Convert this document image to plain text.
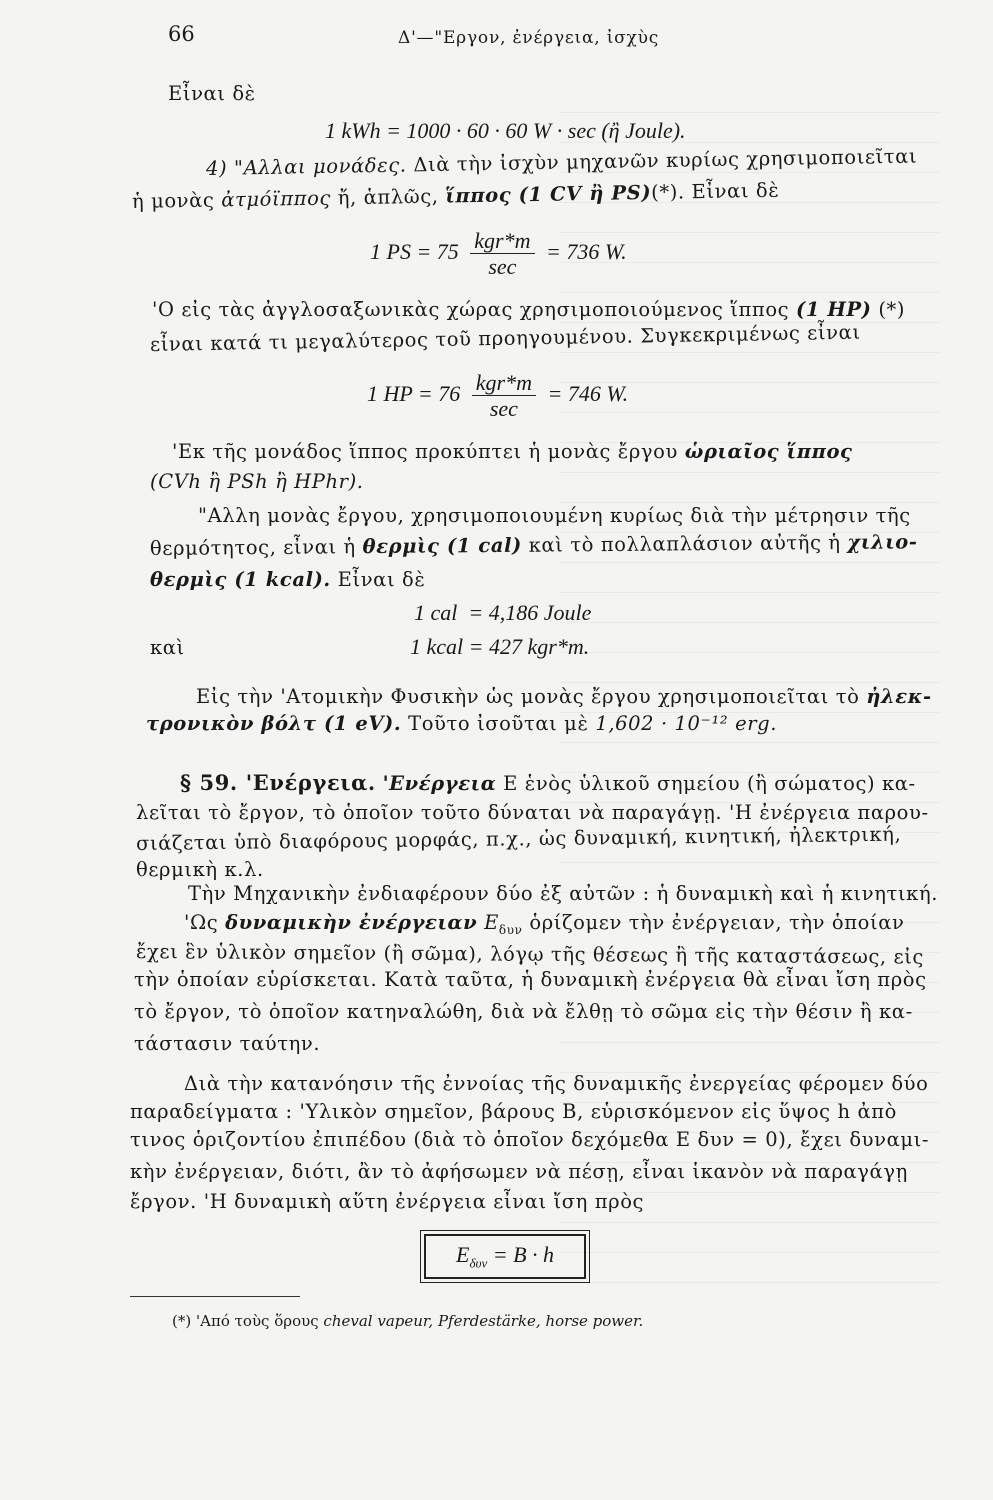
66	Δ'—"Εργον, ἐνέργεια, ἰσχὺς
Εἶναι δὲ
1 kWh = 1000 · 60 · 60 W · sec (ἢ Joule).
4) "Αλλαι μονάδες. Διὰ τὴν ἰσχὺν μηχανῶν κυρίως χρησιμοποιεῖται
ἡ μονὰς ἀτμόϊππος ἤ, ἁπλῶς, ἵππος (1 CV ἢ PS)(*). Εἶναι δὲ
1 PS = $75 \frac{\text{kgr*m}}{\sec} = 736$ W.
'Ο εἰς τὰς ἀγγλοσαξωνικὰς χώρας χρησιμοποιούμενος ἵππος (1 HP) (*)
εἶναι κατά τι μεγαλύτερος τοῦ προηγουμένου. Συγκεκριμένως εἶναι
1 HP = $76 \frac{\text{kgr*m}}{\sec} = 746$ W.
'Εκ τῆς μονάδος ἵππος προκύπτει ἡ μονὰς ἔργου ὡριαῖος ἵππος
(CVh ἢ PSh ἢ HPhr).
"Αλλη μονὰς ἔργου, χρησιμοποιουμένη κυρίως διὰ τὴν μέτρησιν τῆς
θερμότητος, εἶναι ἡ θερμὶς (1 cal) καὶ τὸ πολλαπλάσιον αὐτῆς ἡ χιλιο-
θερμὶς (1 kcal). Εἶναι δὲ
1 cal  = 4,186 Joule
καὶ	1 kcal = 427 kgr*m.
Εἰς τὴν 'Ατομικὴν Φυσικὴν ὡς μονὰς ἔργου χρησιμοποιεῖται τὸ ἠλεκ-
τρονικὸν βόλτ (1 eV). Τοῦτο ἰσοῦται μὲ 1,602 · 10⁻¹² erg.
§ 59. 'Ενέργεια. 'Ενέργεια E ἑνὸς ὑλικοῦ σημείου (ἢ σώματος) κα-
λεῖται τὸ ἔργον, τὸ ὁποῖον τοῦτο δύναται νὰ παραγάγῃ. 'Η ἐνέργεια παρου-
σιάζεται ὑπὸ διαφόρους μορφάς, π.χ., ὡς δυναμική, κινητική, ἠλεκτρική,
θερμικὴ κ.λ.
Τὴν Μηχανικὴν ἐνδιαφέρουν δύο ἐξ αὐτῶν : ἡ δυναμικὴ καὶ ἡ κινητική.
'Ως δυναμικὴν ἐνέργειαν $E_{\delta\upsilon\nu}$ ὁρίζομεν τὴν ἐνέργειαν, τὴν ὁποίαν
ἔχει ἓν ὑλικὸν σημεῖον (ἢ σῶμα), λόγῳ τῆς θέσεως ἢ τῆς καταστάσεως, εἰς
τὴν ὁποίαν εὑρίσκεται. Κατὰ ταῦτα, ἡ δυναμικὴ ἐνέργεια θὰ εἶναι ἴση πρὸς
τὸ ἔργον, τὸ ὁποῖον κατηναλώθη, διὰ νὰ ἔλθῃ τὸ σῶμα εἰς τὴν θέσιν ἢ κα-
τάστασιν ταύτην.
Διὰ τὴν κατανόησιν τῆς ἐννοίας τῆς δυναμικῆς ἐνεργείας φέρομεν δύο
παραδείγματα : 'Υλικὸν σημεῖον, βάρους B, εὑρισκόμενον εἰς ὕψος h ἀπὸ
τινος ὁριζοντίου ἐπιπέδου (διὰ τὸ ὁποῖον δεχόμεθα E δυν = 0), ἔχει δυναμι-
κὴν ἐνέργειαν, διότι, ἂν τὸ ἀφήσωμεν νὰ πέσῃ, εἶναι ἱκανὸν νὰ παραγάγῃ
ἔργον. 'Η δυναμικὴ αὕτη ἐνέργεια εἶναι ἴση πρὸς
$E_{\delta\upsilon\nu} = B \cdot h$
(*) 'Από τοὺς ὅρους cheval vapeur, Pferdestärke, horse power.
